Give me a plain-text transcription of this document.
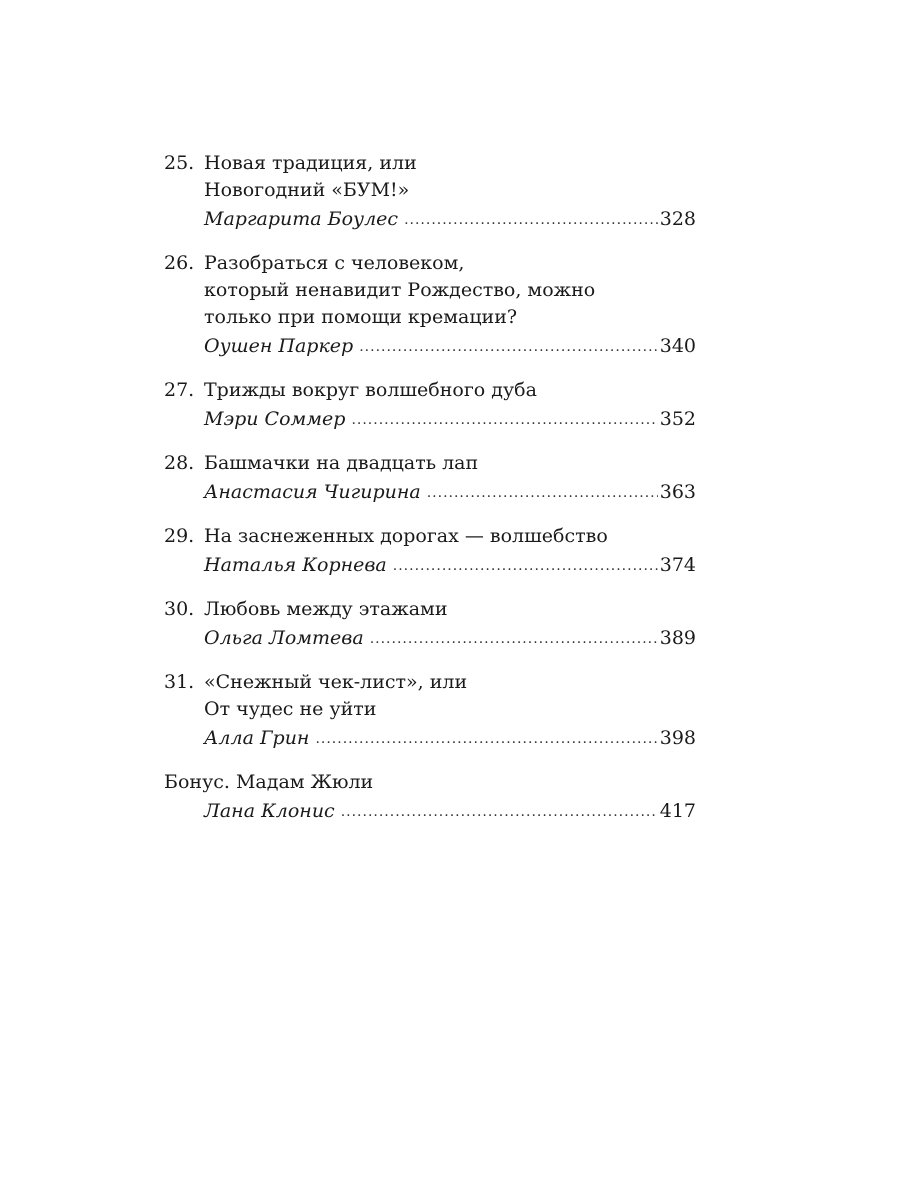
25. Новая традиция, или
Новогодний «БУМ!»
Маргарита Боулес .....	328
26. Разобраться с человеком,
который ненавидит Рождество, можно
только при помощи кремации?
Оушен Паркер .....	340
27. Трижды вокруг волшебного дуба
Мэри Соммер .....	352
28. Башмачки на двадцать лап
Анастасия Чигирина .....	363
29. На заснеженных дорогах — волшебство
Наталья Корнева .....	374
30. Любовь между этажами
Ольга Ломтева .....	389
31. «Снежный чек-лист», или
От чудес не уйти
Алла Грин .....	398
Бонус. Мадам Жюли
Лана Клонис .....	417
